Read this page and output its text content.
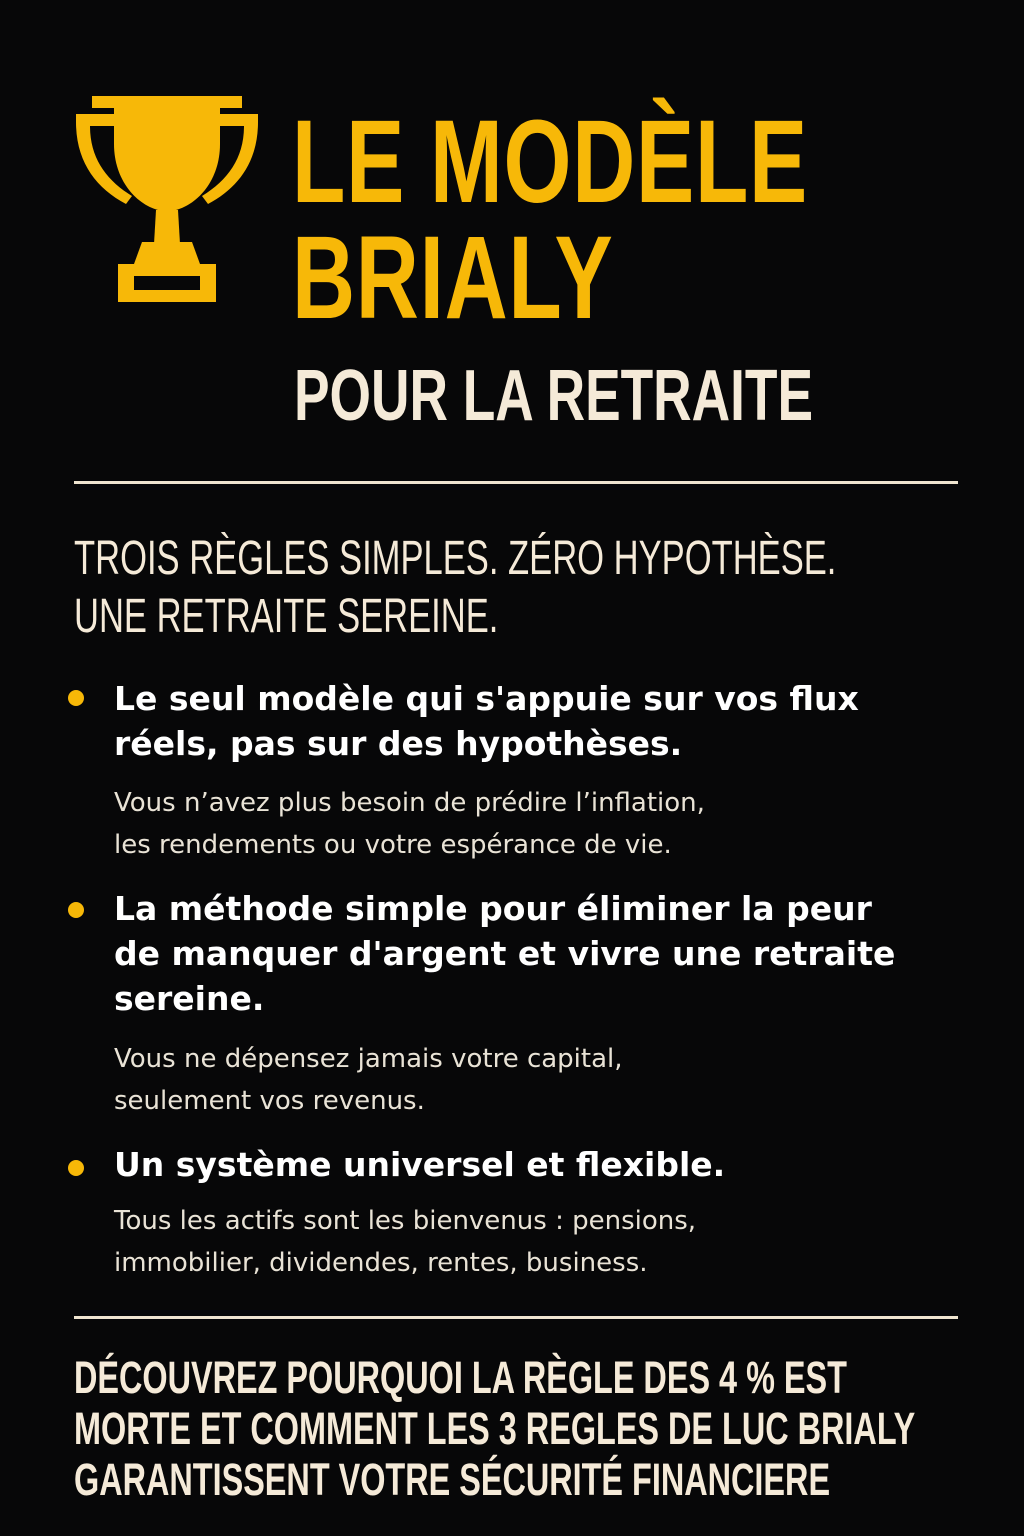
LE MODÈLE
BRIALY
POUR LA RETRAITE
TROIS RÈGLES SIMPLES. ZÉRO HYPOTHÈSE.
UNE RETRAITE SEREINE.
Le seul modèle qui s'appuie sur vos flux
réels, pas sur des hypothèses.
Vous n’avez plus besoin de prédire l’inflation,
les rendements ou votre espérance de vie.
La méthode simple pour éliminer la peur
de manquer d'argent et vivre une retraite
sereine.
Vous ne dépensez jamais votre capital,
seulement vos revenus.
Un système universel et flexible.
Tous les actifs sont les bienvenus : pensions,
immobilier, dividendes, rentes, business.
DÉCOUVREZ POURQUOI LA RÈGLE DES 4 % EST
MORTE ET COMMENT LES 3 REGLES DE LUC BRIALY
GARANTISSENT VOTRE SÉCURITÉ FINANCIERE
